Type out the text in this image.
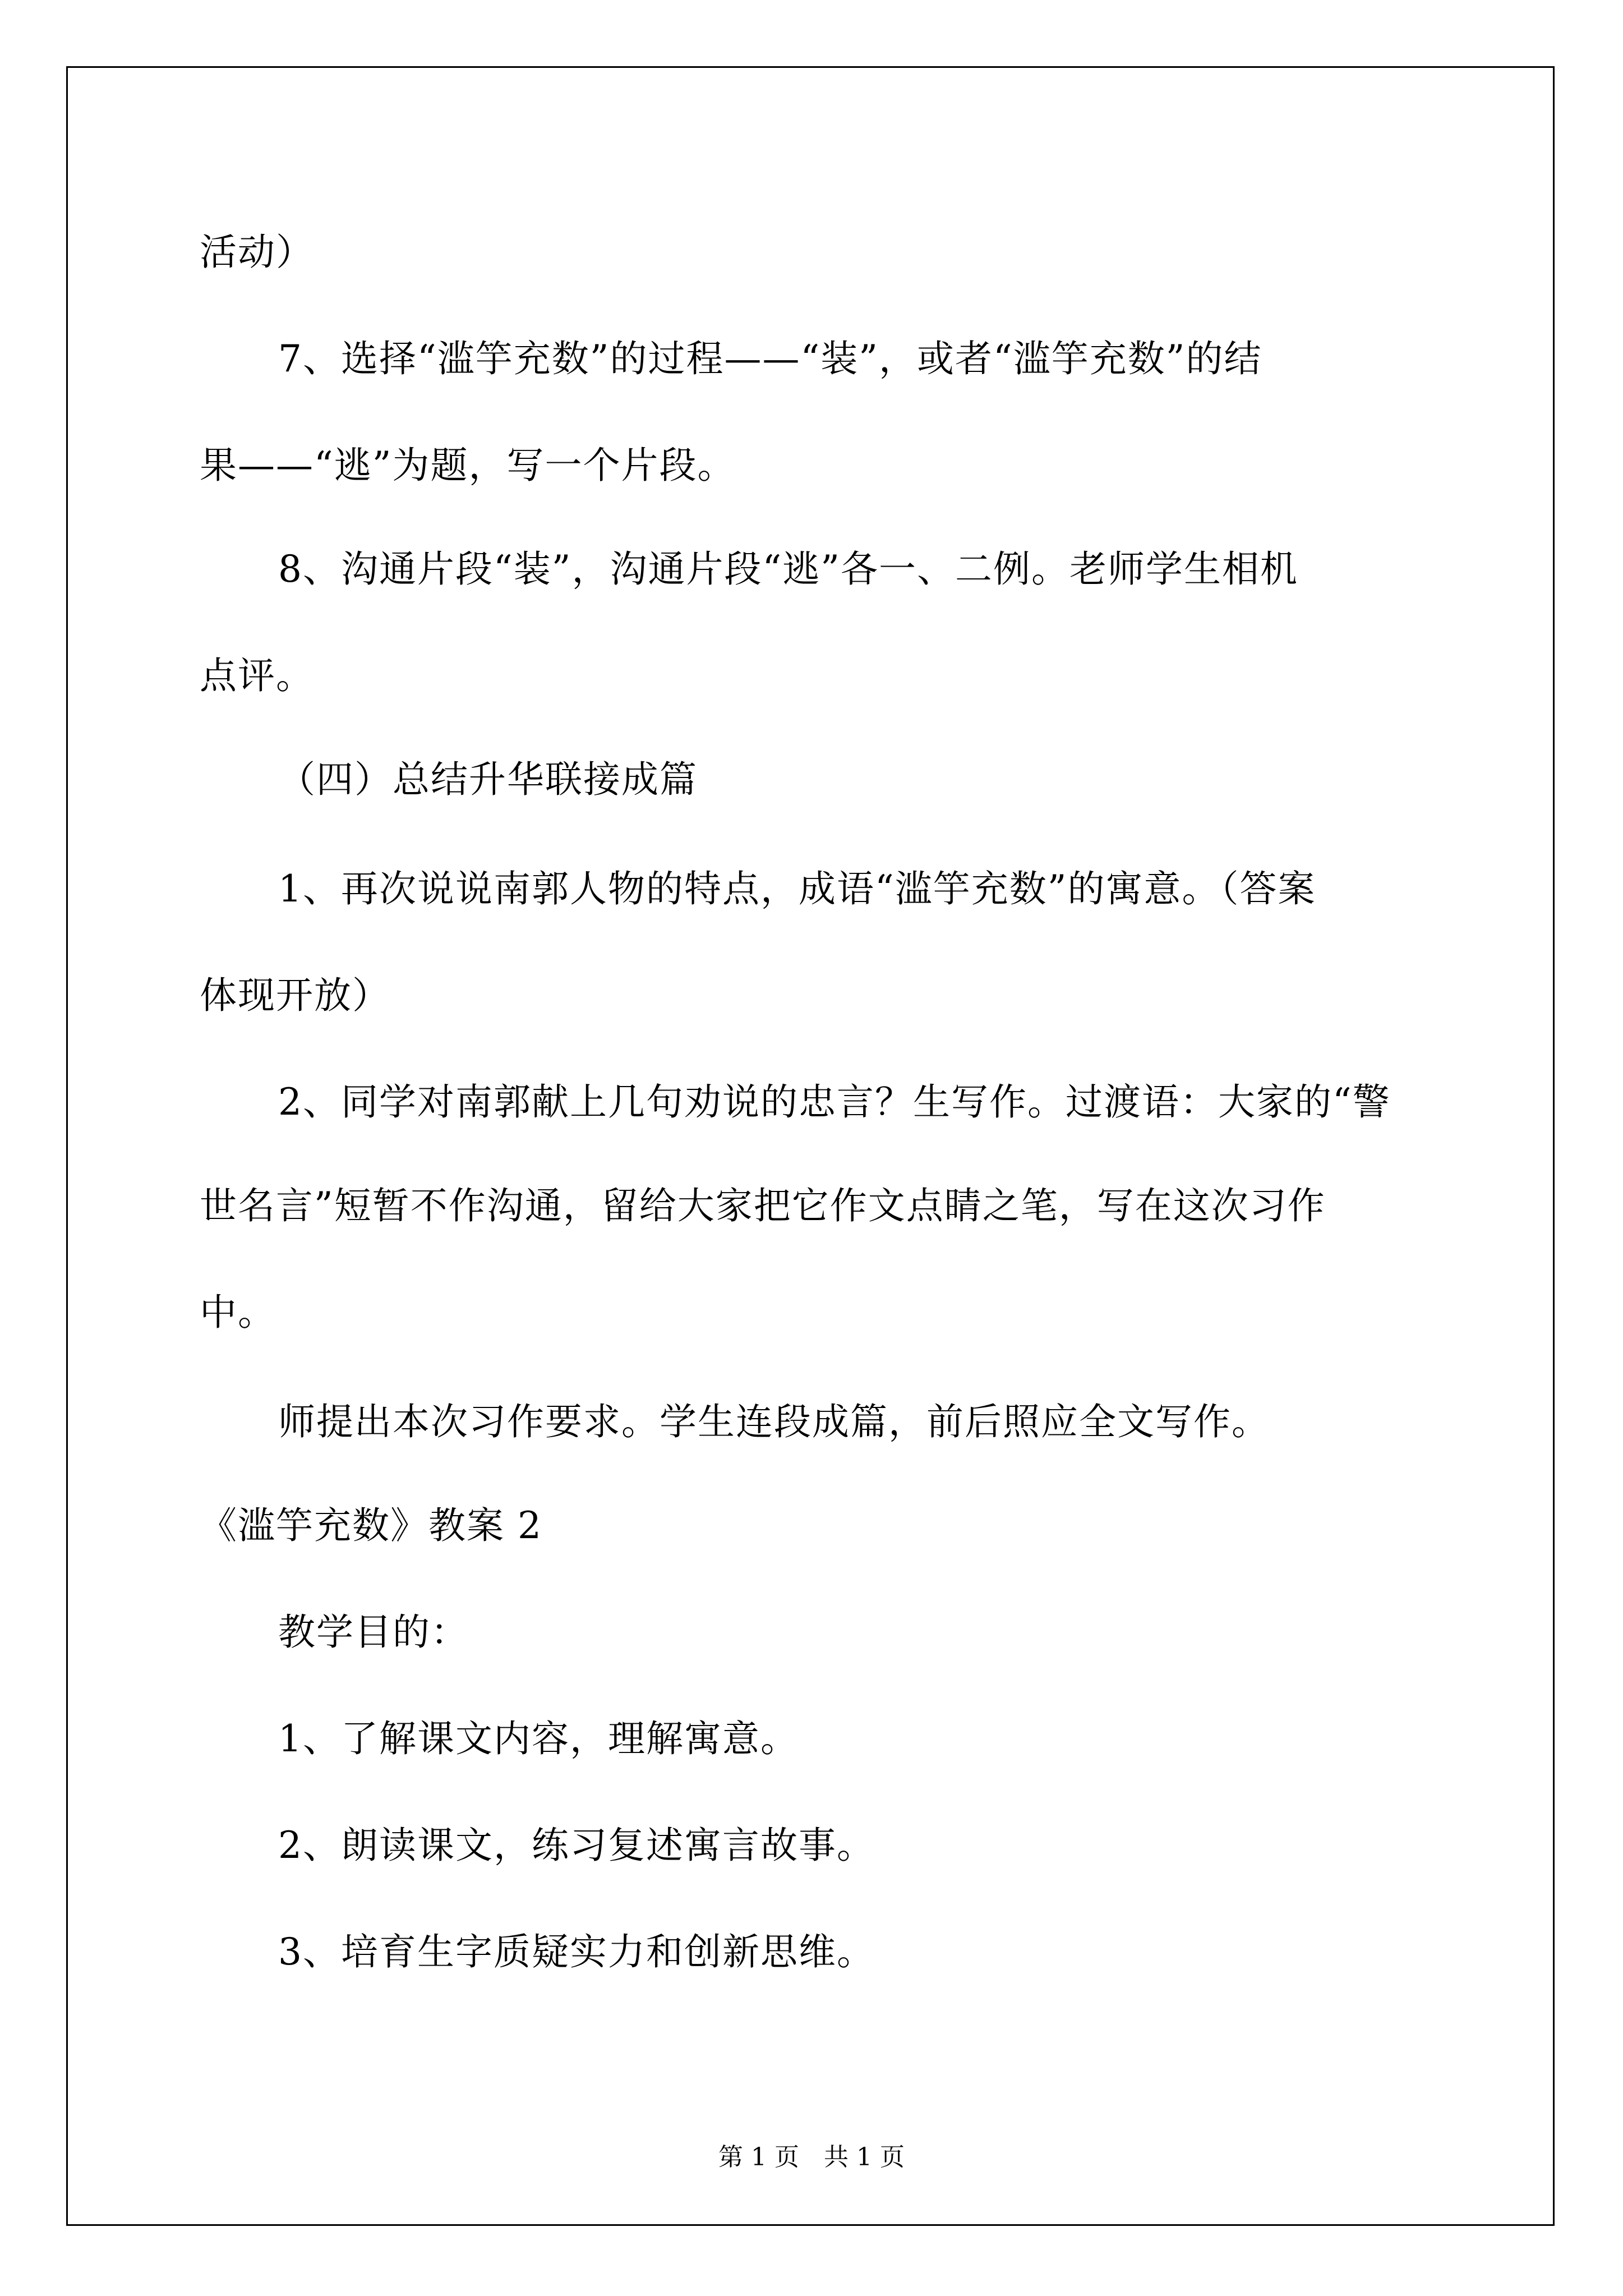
活动）
7、选择“滥竽充数”的过程——“装”，或者“滥竽充数”的结
果——“逃”为题，写一个片段。
8、沟通片段“装”，沟通片段“逃”各一、二例。老师学生相机
点评。
（四）总结升华联接成篇
1、再次说说南郭人物的特点，成语“滥竽充数”的寓意。（答案
体现开放）
2、同学对南郭献上几句劝说的忠言？生写作。过渡语：大家的“警
世名言”短暂不作沟通，留给大家把它作文点睛之笔，写在这次习作
中。
师提出本次习作要求。学生连段成篇，前后照应全文写作。
《滥竽充数》教案 2
教学目的：
1、了解课文内容，理解寓意。
2、朗读课文，练习复述寓言故事。
3、培育生字质疑实力和创新思维。
第 1 页　共 1 页
